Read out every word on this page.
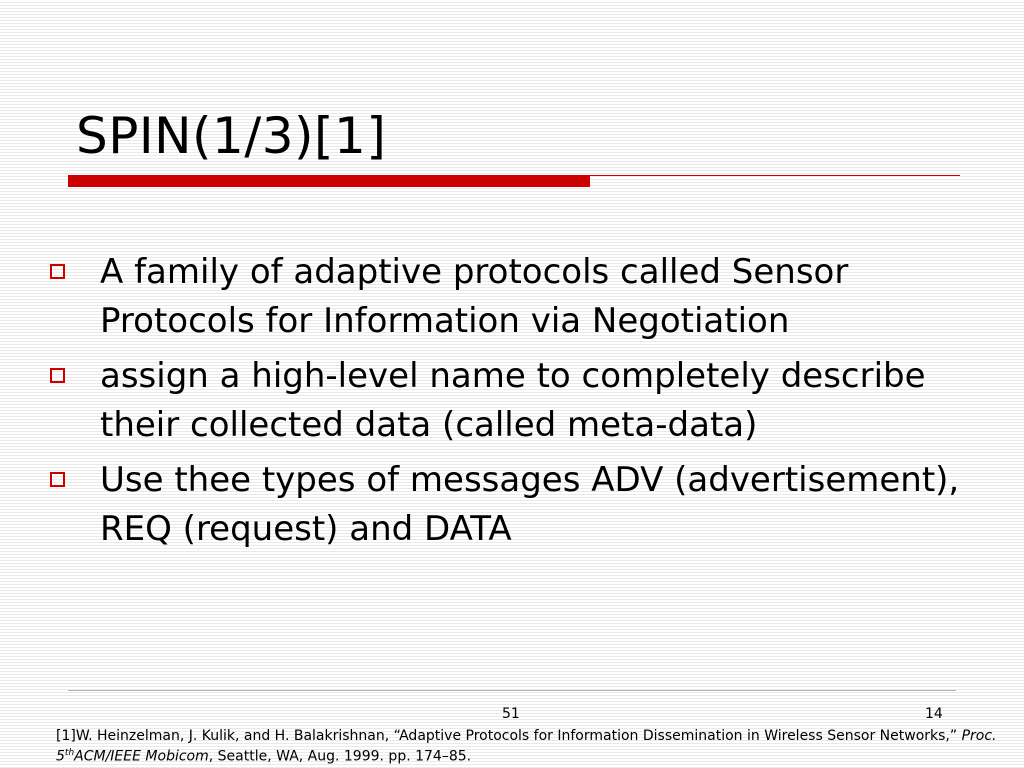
SPIN(1/3)[1]
A family of adaptive protocols called Sensor Protocols for Information via Negotiation
assign a high-level name to completely describe their collected data (called meta-data)
Use thee types of messages ADV (advertisement), REQ (request) and DATA
51	14
[1]W. Heinzelman, J. Kulik, and H. Balakrishnan, “Adaptive Protocols for Information Dissemination in Wireless Sensor Networks,” Proc. 5thACM/IEEE Mobicom, Seattle, WA, Aug. 1999. pp. 174–85.
